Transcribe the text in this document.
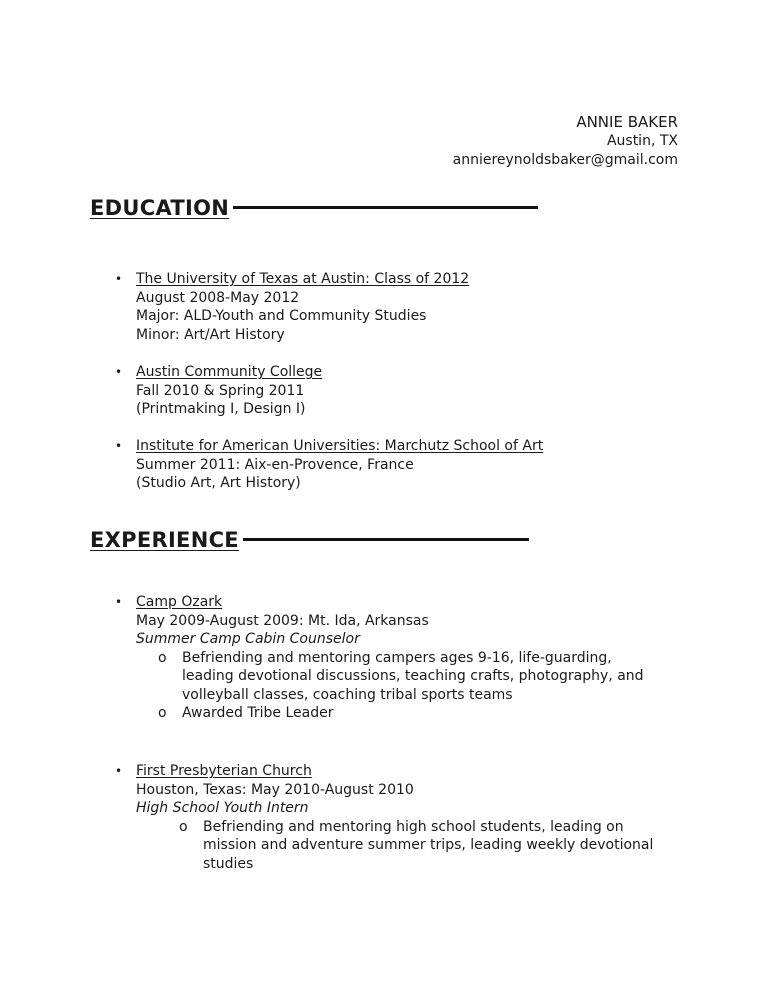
ANNIE BAKER
Austin, TX
anniereynoldsbaker@gmail.com
EDUCATION
• The University of Texas at Austin: Class of 2012
August 2008-May 2012
Major: ALD-Youth and Community Studies
Minor: Art/Art History
• Austin Community College
Fall 2010 & Spring 2011
(Printmaking I, Design I)
• Institute for American Universities: Marchutz School of Art
Summer 2011: Aix-en-Provence, France
(Studio Art, Art History)
EXPERIENCE
• Camp Ozark
May 2009-August 2009: Mt. Ida, Arkansas
Summer Camp Cabin Counselor
o Befriending and mentoring campers ages 9-16, life-guarding,
leading devotional discussions, teaching crafts, photography, and
volleyball classes, coaching tribal sports teams
o Awarded Tribe Leader
• First Presbyterian Church
Houston, Texas: May 2010-August 2010
High School Youth Intern
o Befriending and mentoring high school students, leading on
mission and adventure summer trips, leading weekly devotional
studies
